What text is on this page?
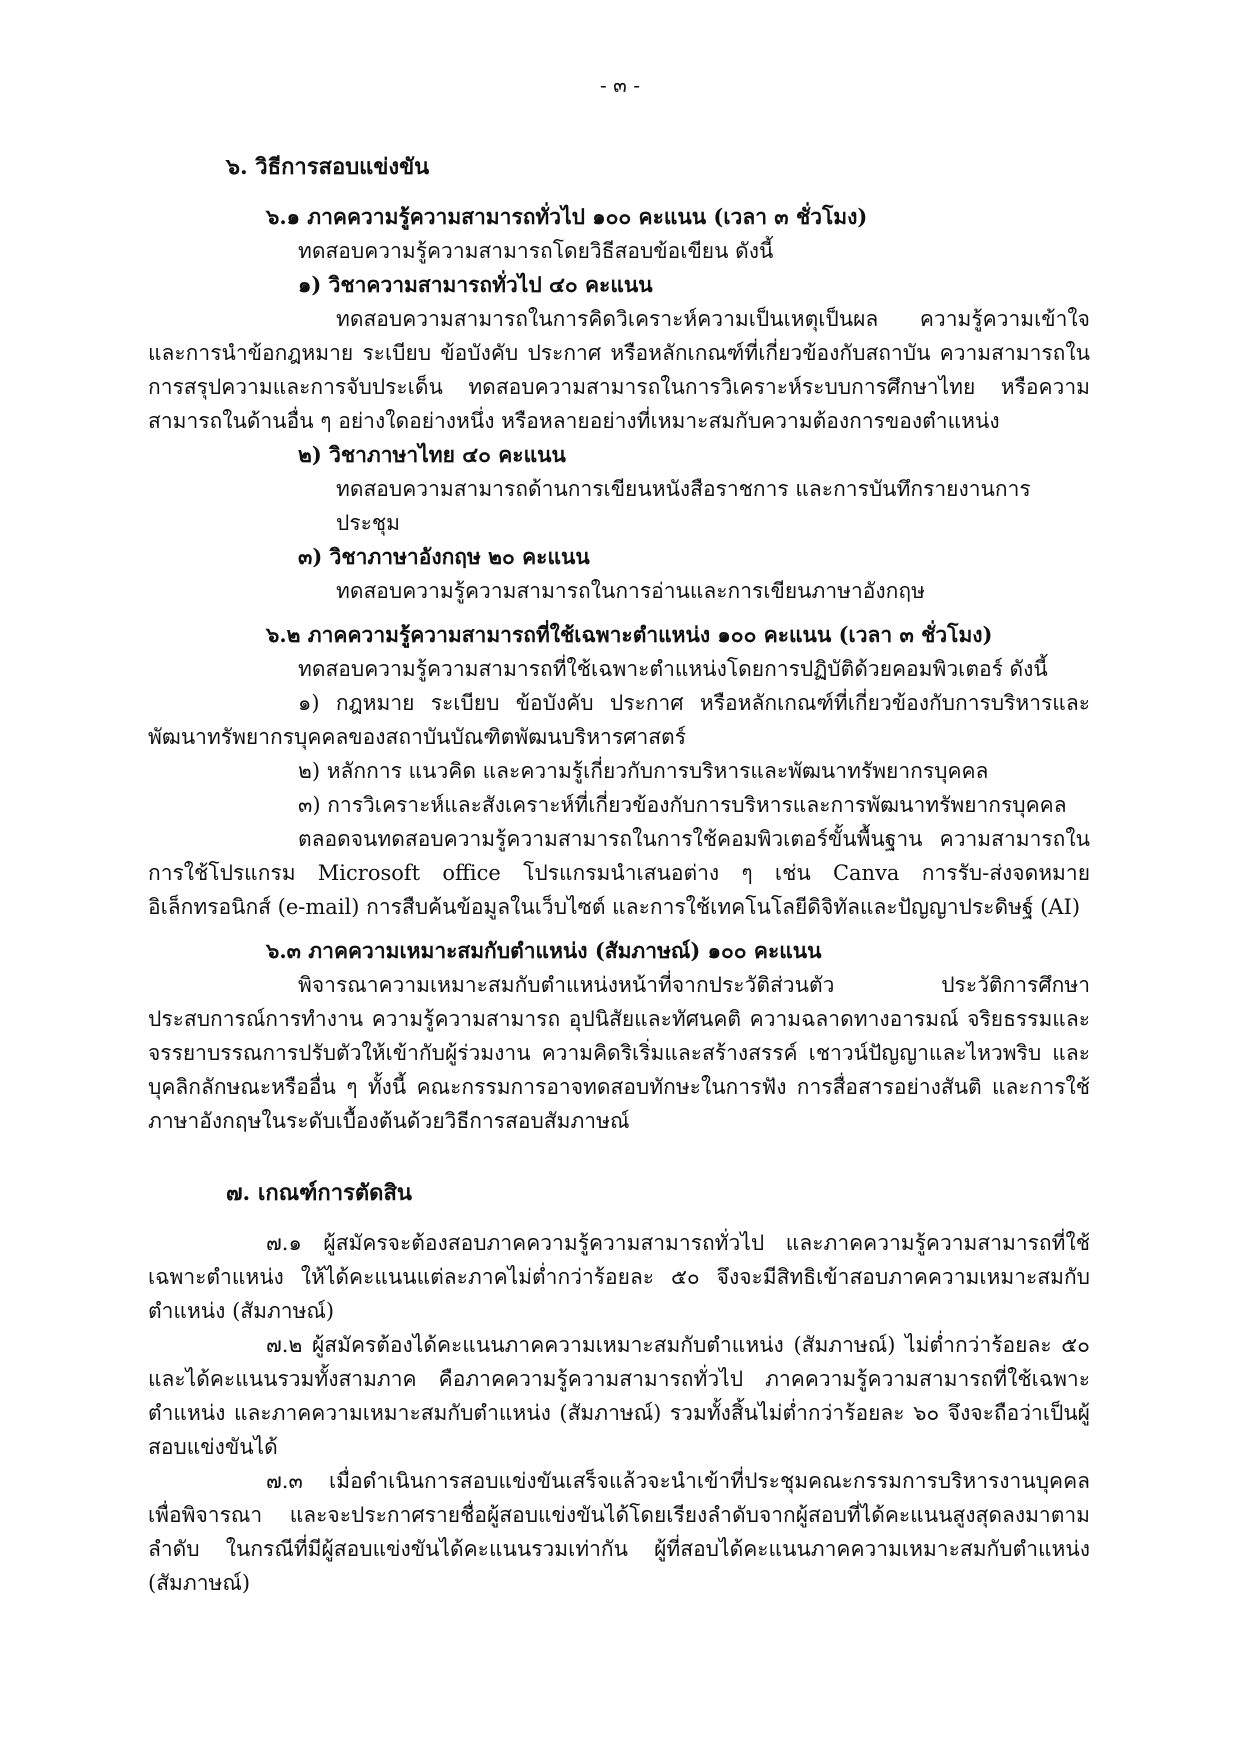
- ๓ -

๖. วิธีการสอบแข่งขัน

๖.๑ ภาคความรู้ความสามารถทั่วไป ๑๐๐ คะแนน (เวลา ๓ ชั่วโมง)

ทดสอบความรู้ความสามารถโดยวิธีสอบข้อเขียน ดังนี้

๑) วิชาความสามารถทั่วไป ๔๐ คะแนน

ทดสอบความสามารถในการคิดวิเคราะห์ความเป็นเหตุเป็นผล ความรู้ความเข้าใจและการนำข้อกฎหมาย ระเบียบ ข้อบังคับ ประกาศ หรือหลักเกณฑ์ที่เกี่ยวข้องกับสถาบัน ความสามารถในการสรุปความและการจับประเด็น ทดสอบความสามารถในการวิเคราะห์ระบบการศึกษาไทย หรือความสามารถในด้านอื่น ๆ อย่างใดอย่างหนึ่ง หรือหลายอย่างที่เหมาะสมกับความต้องการของตำแหน่ง

๒) วิชาภาษาไทย ๔๐ คะแนน

ทดสอบความสามารถด้านการเขียนหนังสือราชการ และการบันทึกรายงานการประชุม

๓) วิชาภาษาอังกฤษ ๒๐ คะแนน

ทดสอบความรู้ความสามารถในการอ่านและการเขียนภาษาอังกฤษ

๖.๒ ภาคความรู้ความสามารถที่ใช้เฉพาะตำแหน่ง ๑๐๐ คะแนน (เวลา ๓ ชั่วโมง)

ทดสอบความรู้ความสามารถที่ใช้เฉพาะตำแหน่งโดยการปฏิบัติด้วยคอมพิวเตอร์ ดังนี้

๑) กฎหมาย ระเบียบ ข้อบังคับ ประกาศ หรือหลักเกณฑ์ที่เกี่ยวข้องกับการบริหารและพัฒนาทรัพยากรบุคคลของสถาบันบัณฑิตพัฒนบริหารศาสตร์

๒) หลักการ แนวคิด และความรู้เกี่ยวกับการบริหารและพัฒนาทรัพยากรบุคคล

๓) การวิเคราะห์และสังเคราะห์ที่เกี่ยวข้องกับการบริหารและการพัฒนาทรัพยากรบุคคล

ตลอดจนทดสอบความรู้ความสามารถในการใช้คอมพิวเตอร์ขั้นพื้นฐาน ความสามารถในการใช้โปรแกรม Microsoft office โปรแกรมนำเสนอต่าง ๆ เช่น Canva การรับ-ส่งจดหมายอิเล็กทรอนิกส์ (e-mail) การสืบค้นข้อมูลในเว็บไซต์ และการใช้เทคโนโลยีดิจิทัลและปัญญาประดิษฐ์ (AI)

๖.๓ ภาคความเหมาะสมกับตำแหน่ง (สัมภาษณ์) ๑๐๐ คะแนน

พิจารณาความเหมาะสมกับตำแหน่งหน้าที่จากประวัติส่วนตัว ประวัติการศึกษา ประสบการณ์การทำงาน ความรู้ความสามารถ อุปนิสัยและทัศนคติ ความฉลาดทางอารมณ์ จริยธรรมและจรรยาบรรณการปรับตัวให้เข้ากับผู้ร่วมงาน ความคิดริเริ่มและสร้างสรรค์ เชาวน์ปัญญาและไหวพริบ และบุคลิกลักษณะหรืออื่น ๆ ทั้งนี้ คณะกรรมการอาจทดสอบทักษะในการฟัง การสื่อสารอย่างสันติ และการใช้ภาษาอังกฤษในระดับเบื้องต้นด้วยวิธีการสอบสัมภาษณ์

๗. เกณฑ์การตัดสิน

๗.๑ ผู้สมัครจะต้องสอบภาคความรู้ความสามารถทั่วไป และภาคความรู้ความสามารถที่ใช้เฉพาะตำแหน่ง ให้ได้คะแนนแต่ละภาคไม่ต่ำกว่าร้อยละ ๕๐ จึงจะมีสิทธิเข้าสอบภาคความเหมาะสมกับตำแหน่ง (สัมภาษณ์)

๗.๒ ผู้สมัครต้องได้คะแนนภาคความเหมาะสมกับตำแหน่ง (สัมภาษณ์) ไม่ต่ำกว่าร้อยละ ๕๐ และได้คะแนนรวมทั้งสามภาค คือภาคความรู้ความสามารถทั่วไป ภาคความรู้ความสามารถที่ใช้เฉพาะตำแหน่ง และภาคความเหมาะสมกับตำแหน่ง (สัมภาษณ์) รวมทั้งสิ้นไม่ต่ำกว่าร้อยละ ๖๐ จึงจะถือว่าเป็นผู้สอบแข่งขันได้

๗.๓ เมื่อดำเนินการสอบแข่งขันเสร็จแล้วจะนำเข้าที่ประชุมคณะกรรมการบริหารงานบุคคลเพื่อพิจารณา และจะประกาศรายชื่อผู้สอบแข่งขันได้โดยเรียงลำดับจากผู้สอบที่ได้คะแนนสูงสุดลงมาตามลำดับ ในกรณีที่มีผู้สอบแข่งขันได้คะแนนรวมเท่ากัน ผู้ที่สอบได้คะแนนภาคความเหมาะสมกับตำแหน่ง (สัมภาษณ์)
